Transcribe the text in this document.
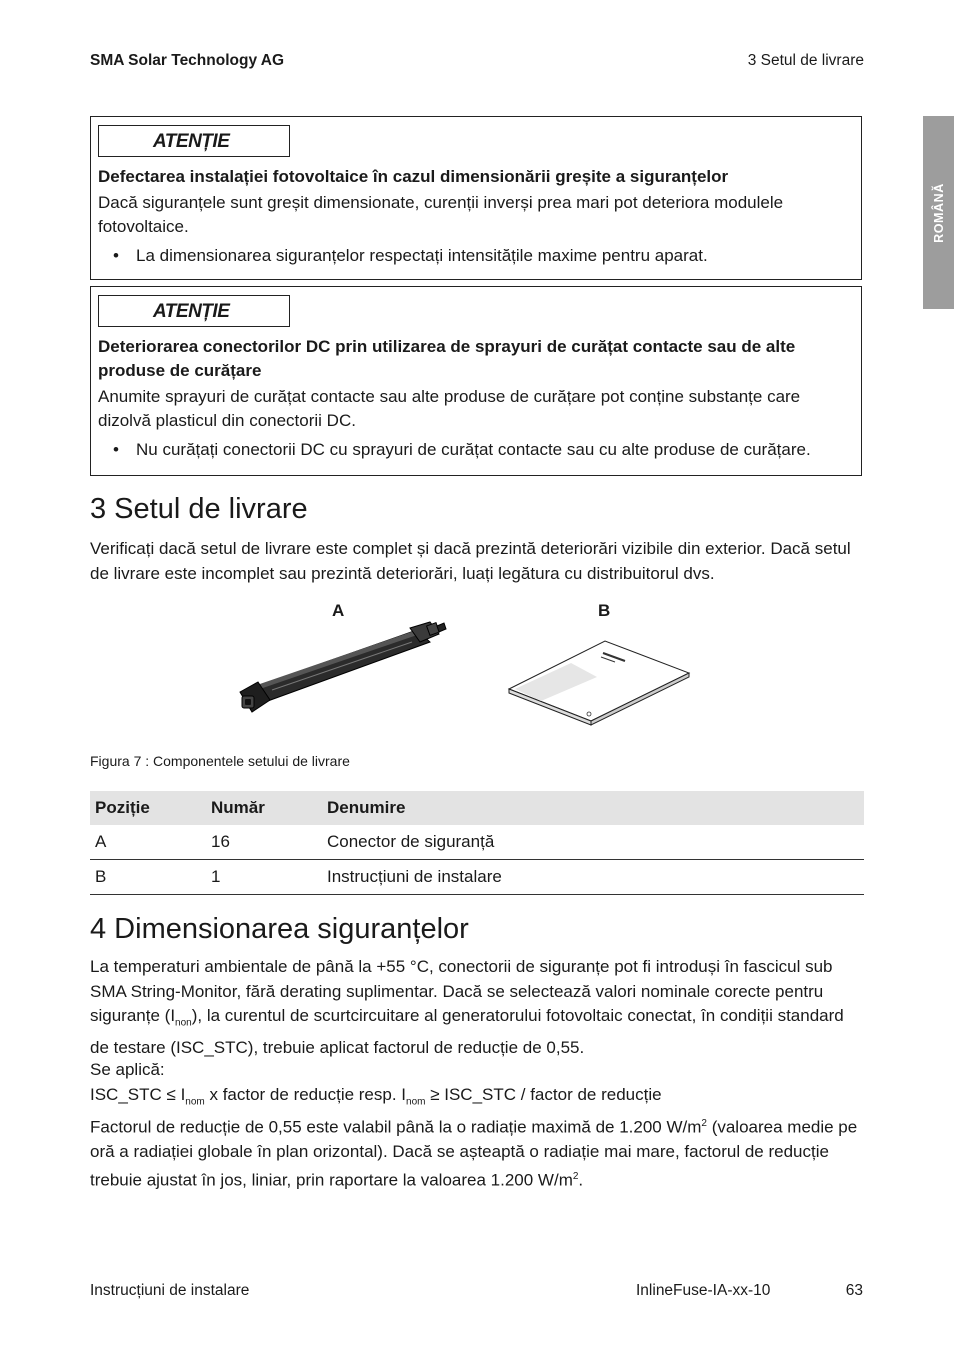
SMA Solar Technology AG	3 Setul de livrare
ROMÂNĂ
ATENȚIE
Defectarea instalației fotovoltaice în cazul dimensionării greșite a siguranțelor
Dacă siguranțele sunt greșit dimensionate, curenții inverși prea mari pot deteriora modulele fotovoltaice.
• La dimensionarea siguranțelor respectați intensitățile maxime pentru aparat.
ATENȚIE
Deteriorarea conectorilor DC prin utilizarea de sprayuri de curățat contacte sau de alte produse de curățare
Anumite sprayuri de curățat contacte sau alte produse de curățare pot conține substanțe care dizolvă plasticul din conectorii DC.
• Nu curățați conectorii DC cu sprayuri de curățat contacte sau cu alte produse de curățare.
3 Setul de livrare
Verificați dacă setul de livrare este complet și dacă prezintă deteriorări vizibile din exterior. Dacă setul de livrare este incomplet sau prezintă deteriorări, luați legătura cu distribuitorul dvs.
A	B
Figura 7 : Componentele setului de livrare
Poziție	Număr	Denumire
A	16	Conector de siguranță
B	1	Instrucțiuni de instalare
4 Dimensionarea siguranțelor
La temperaturi ambientale de până la +55 °C, conectorii de siguranțe pot fi introduși în fascicul sub SMA String-Monitor, fără derating suplimentar. Dacă se selectează valori nominale corecte pentru siguranțe $(I_{non})$, la curentul de scurtcircuitare al generatorului fotovoltaic conectat, în condiții standard de testare (ISC_STC), trebuie aplicat factorul de reducție de 0,55.
Se aplică:
ISC_STC ≤ $I_{nom}$ x factor de reducție resp. $I_{nom}$ ≥ ISC_STC / factor de reducție
Factorul de reducție de 0,55 este valabil până la o radiație maximă de 1.200 $W/m^2$ (valoarea medie pe oră a radiației globale în plan orizontal). Dacă se așteaptă o radiație mai mare, factorul de reducție trebuie ajustat în jos, liniar, prin raportare la valoarea 1.200 $W/m^2$.
Instrucțiuni de instalare	InlineFuse-IA-xx-10	63
